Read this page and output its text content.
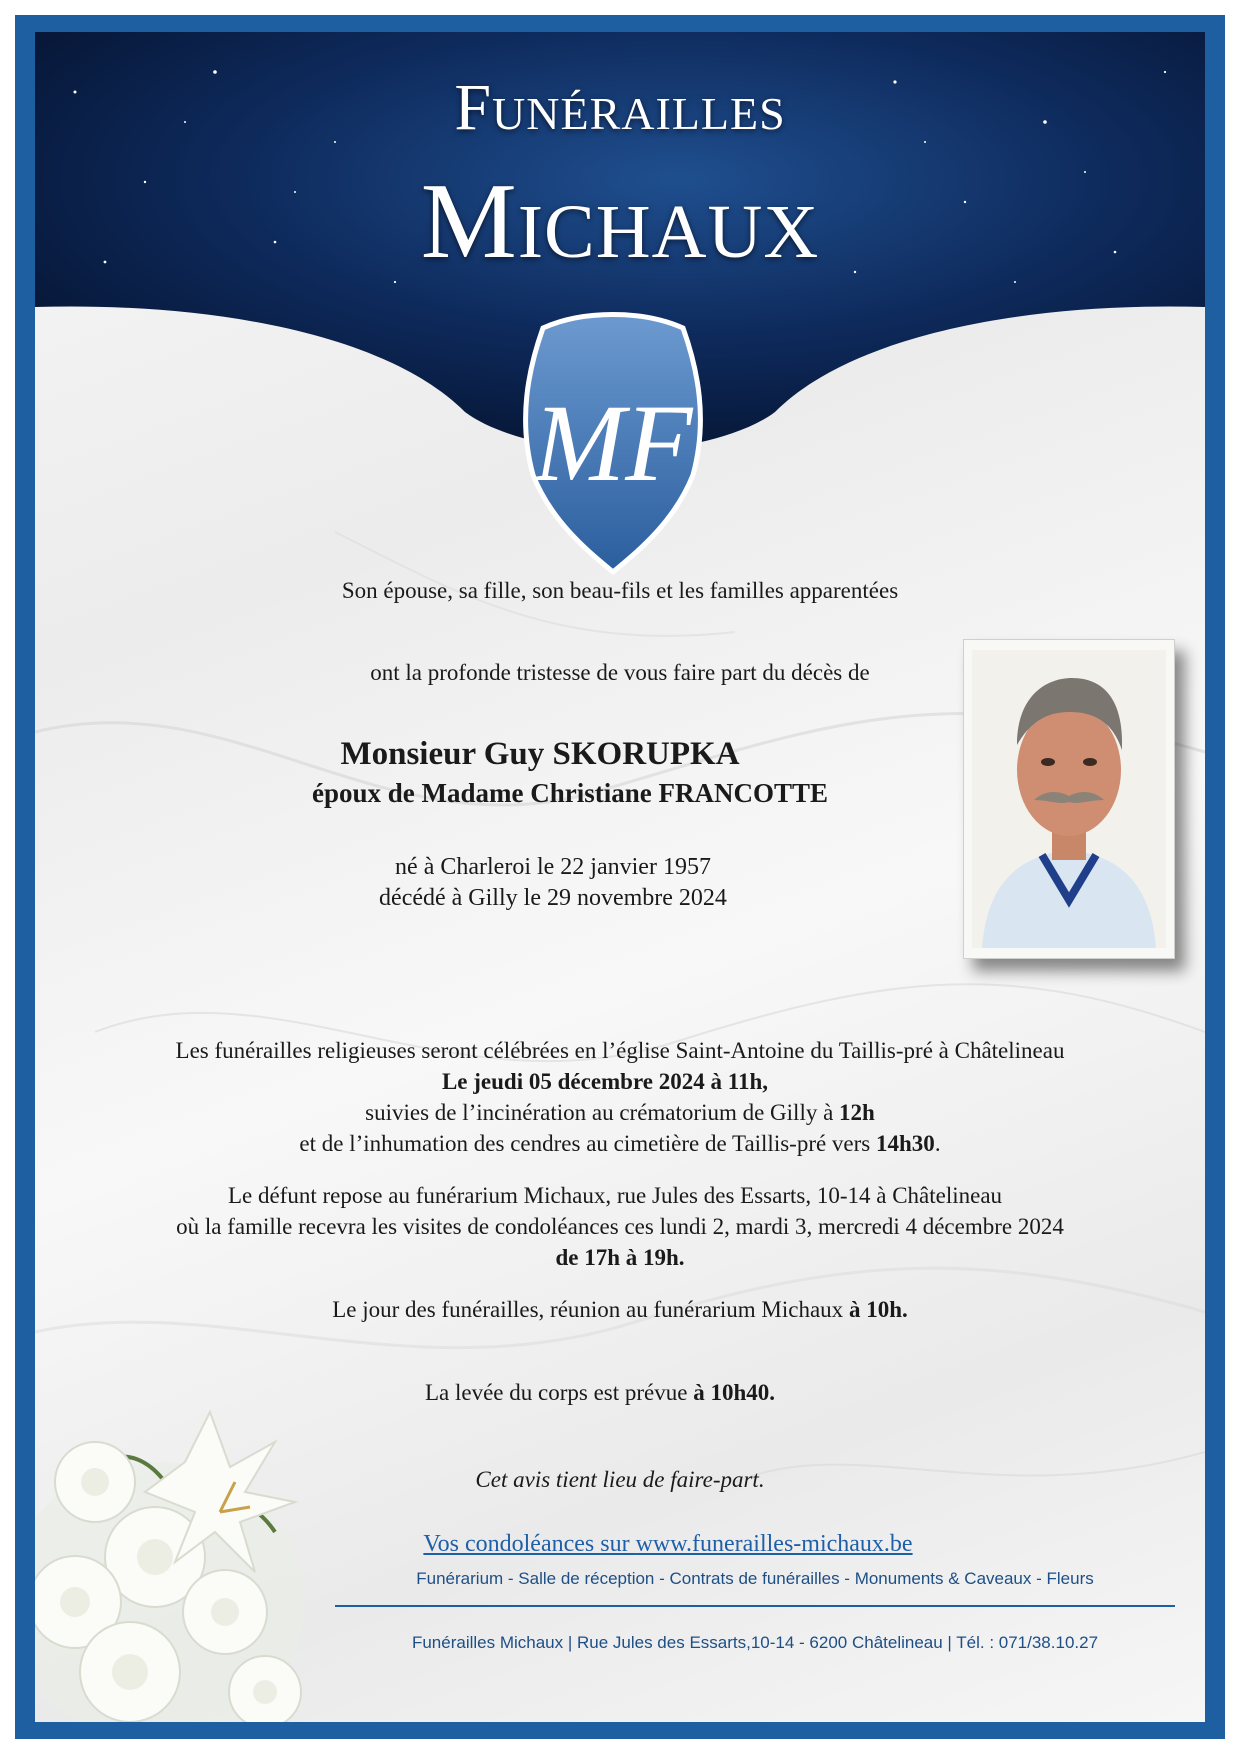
Funérailles
Michaux
MF
Son épouse, sa fille, son beau-fils et les familles apparentées
ont la profonde tristesse de vous faire part du décès de
Monsieur Guy SKORUPKA
époux de Madame Christiane FRANCOTTE
né à Charleroi le 22 janvier 1957
décédé à Gilly le 29 novembre 2024
Les funérailles religieuses seront célébrées en l’église Saint-Antoine du Taillis-pré à Châtelineau
Le jeudi 05 décembre 2024 à 11h,
suivies de l’incinération au crématorium de Gilly à 12h
et de l’inhumation des cendres au cimetière de Taillis-pré vers 14h30.
Le défunt repose au funérarium Michaux, rue Jules des Essarts, 10-14 à Châtelineau
où la famille recevra les visites de condoléances ces lundi 2, mardi 3, mercredi 4 décembre 2024
de 17h à 19h.
Le jour des funérailles, réunion au funérarium Michaux à 10h.
La levée du corps est prévue à 10h40.
Cet avis tient lieu de faire-part.
Vos condoléances sur www.funerailles-michaux.be
Funérarium - Salle de réception - Contrats de funérailles - Monuments & Caveaux - Fleurs
Funérailles Michaux | Rue Jules des Essarts,10-14 - 6200 Châtelineau | Tél. : 071/38.10.27
